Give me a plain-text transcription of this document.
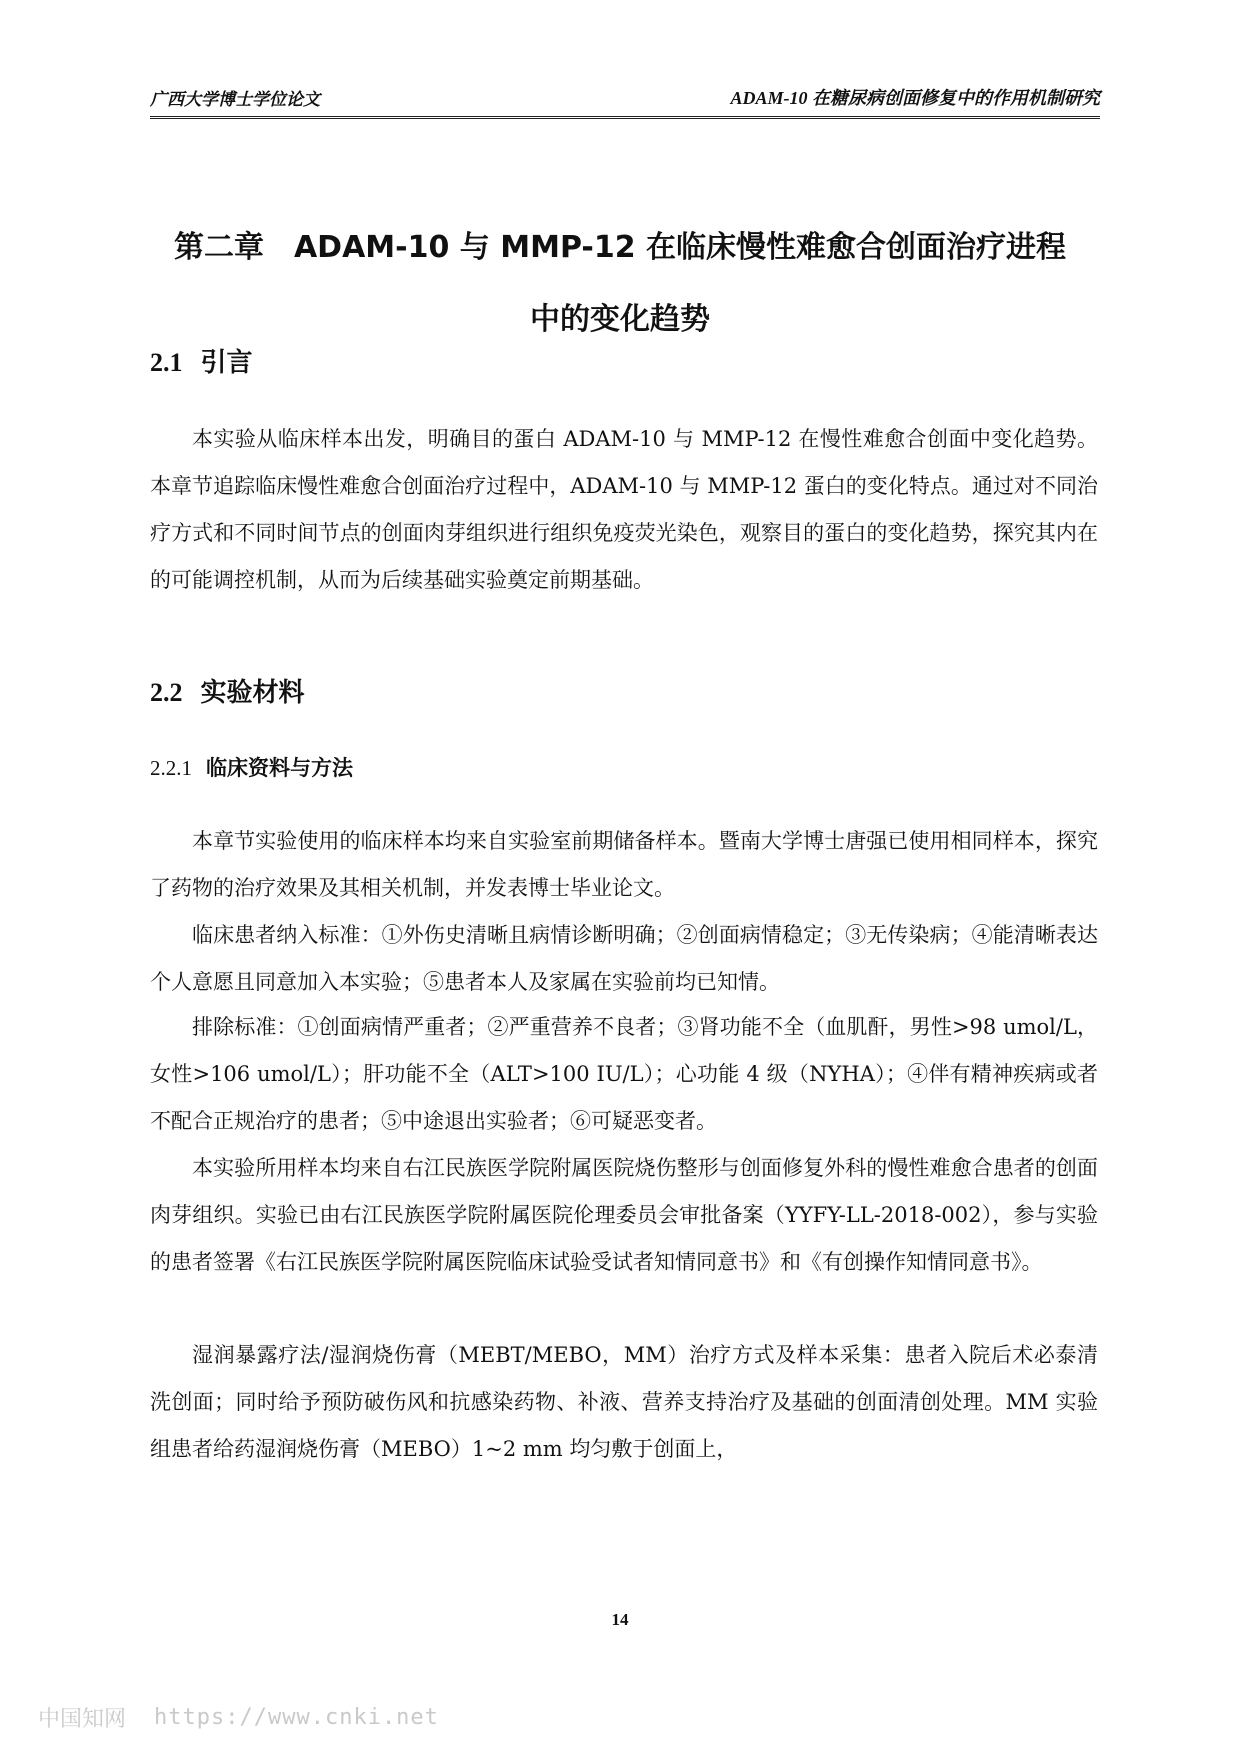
广西大学博士学位论文	ADAM-10 在糖尿病创面修复中的作用机制研究
第二章　ADAM-10 与 MMP-12 在临床慢性难愈合创面治疗进程
中的变化趋势
2.1 引言

本实验从临床样本出发，明确目的蛋白 ADAM-10 与 MMP-12 在慢性难愈合创面中变化趋势。本章节追踪临床慢性难愈合创面治疗过程中，ADAM-10 与 MMP-12 蛋白的变化特点。通过对不同治疗方式和不同时间节点的创面肉芽组织进行组织免疫荧光染色，观察目的蛋白的变化趋势，探究其内在的可能调控机制，从而为后续基础实验奠定前期基础。

2.2 实验材料
2.2.1 临床资料与方法

本章节实验使用的临床样本均来自实验室前期储备样本。暨南大学博士唐强已使用相同样本，探究了药物的治疗效果及其相关机制，并发表博士毕业论文。

临床患者纳入标准：①外伤史清晰且病情诊断明确；②创面病情稳定；③无传染病；④能清晰表达个人意愿且同意加入本实验；⑤患者本人及家属在实验前均已知情。

排除标准：①创面病情严重者；②严重营养不良者；③肾功能不全（血肌酐，男性>98 umol/L，女性>106 umol/L）；肝功能不全（ALT>100 IU/L）；心功能 4 级（NYHA）；④伴有精神疾病或者不配合正规治疗的患者；⑤中途退出实验者；⑥可疑恶变者。

本实验所用样本均来自右江民族医学院附属医院烧伤整形与创面修复外科的慢性难愈合患者的创面肉芽组织。实验已由右江民族医学院附属医院伦理委员会审批备案（YYFY-LL-2018-002），参与实验的患者签署《右江民族医学院附属医院临床试验受试者知情同意书》和《有创操作知情同意书》。

湿润暴露疗法/湿润烧伤膏（MEBT/MEBO，MM）治疗方式及样本采集：患者入院后术必泰清洗创面；同时给予预防破伤风和抗感染药物、补液、营养支持治疗及基础的创面清创处理。MM 实验组患者给药湿润烧伤膏（MEBO）1~2 mm 均匀敷于创面上，

14
中国知网 https://www.cnki.net
